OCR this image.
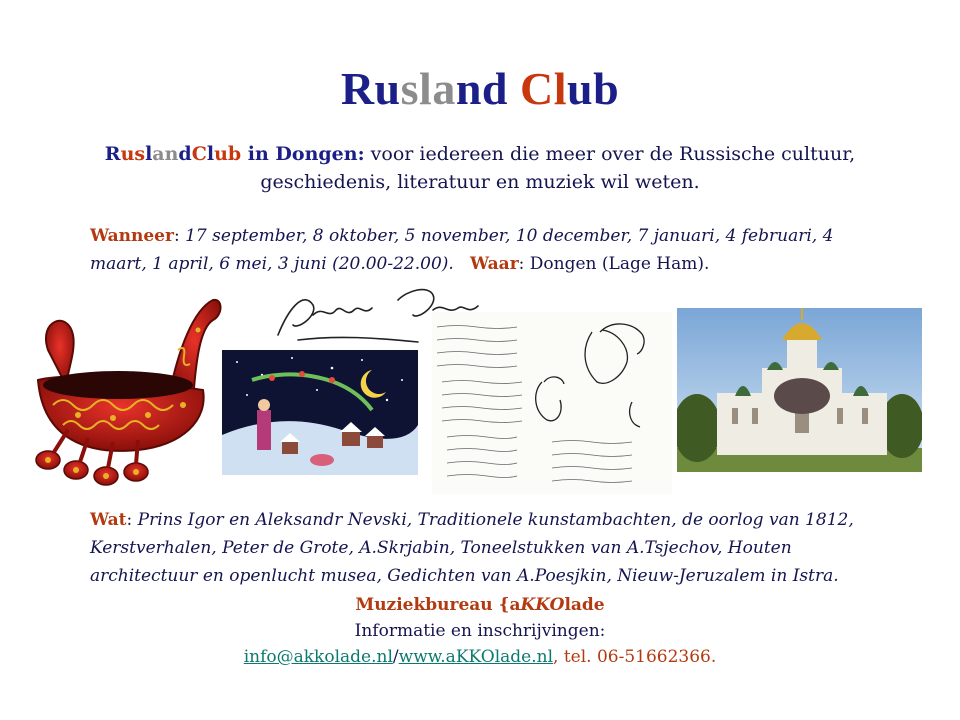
Rusland Club
RuslandClub in Dongen: voor iedereen die meer over de Russische cultuur, geschiedenis, literatuur en muziek wil weten.
Wanneer: 17 september, 8 oktober, 5 november, 10 december, 7 januari, 4 februari, 4 maart, 1 april, 6 mei, 3 juni (20.00-22.00). Waar: Dongen (Lage Ham).
Wat: Prins Igor en Aleksandr Nevski, Traditionele kunstambachten, de oorlog van 1812, Kerstverhalen, Peter de Grote, A.Skrjabin, Toneelstukken van A.Tsjechov, Houten architectuur en openlucht musea, Gedichten van A.Poesjkin, Nieuw-Jeruzalem in Istra.
Muziekbureau {aKKOlade
Informatie en inschrijvingen:
info@akkolade.nl/www.aKKOlade.nl, tel. 06-51662366.
